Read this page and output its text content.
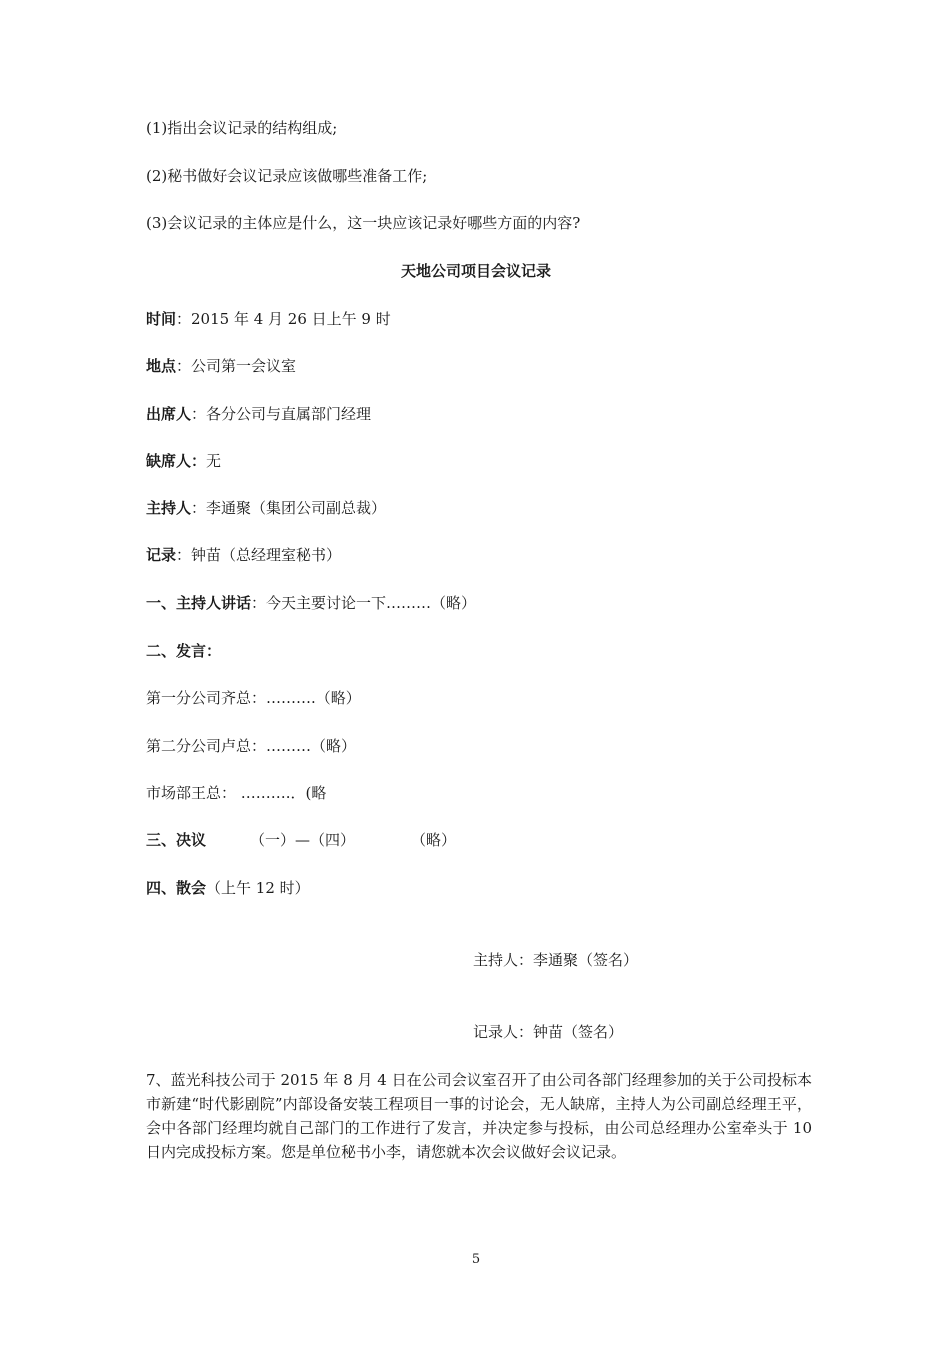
(1)指出会议记录的结构组成;
(2)秘书做好会议记录应该做哪些准备工作;
(3)会议记录的主体应是什么，这一块应该记录好哪些方面的内容?
天地公司项目会议记录
时间：2015 年 4 月 26 日上午 9 时
地点：公司第一会议室
出席人：各分公司与直属部门经理
缺席人：无
主持人：李通聚（集团公司副总裁）
记录：钟苗（总经理室秘书）
一、主持人讲话：今天主要讨论一下………（略）
二、发言：
第一分公司齐总：……….（略）
第二分公司卢总：………（略）
市场部王总： ……….．(略
三、决议	（一）—（四）	（略）
四、散会（上午 12 时）
主持人：李通聚（签名）
记录人：钟苗（签名）
7、蓝光科技公司于 2015 年 8 月 4 日在公司会议室召开了由公司各部门经理参加的关于公司投标本市新建“时代影剧院”内部设备安装工程项目一事的讨论会，无人缺席，主持人为公司副总经理王平，会中各部门经理均就自己部门的工作进行了发言，并决定参与投标，由公司总经理办公室牵头于 10 日内完成投标方案。您是单位秘书小李，请您就本次会议做好会议记录。
5
